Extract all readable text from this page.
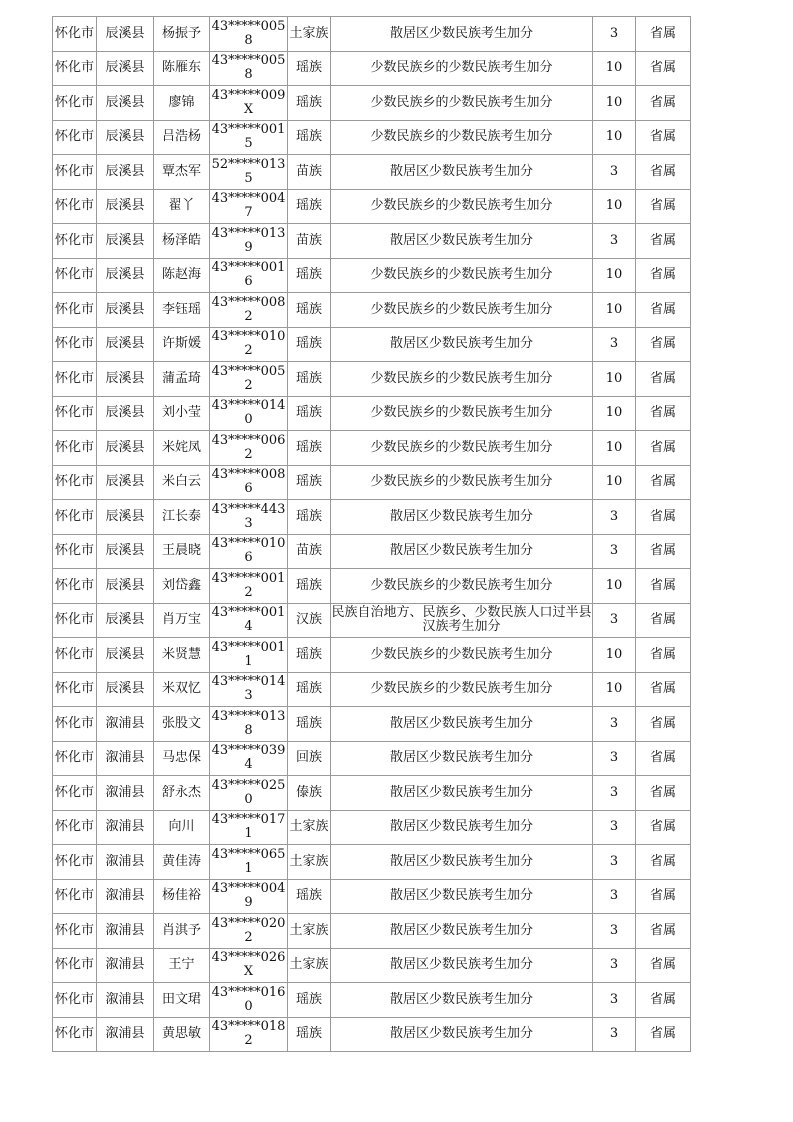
怀化市	辰溪县	杨振予	43*****0058	土家族	散居区少数民族考生加分	3	省属
怀化市	辰溪县	陈雁东	43*****0058	瑶族	少数民族乡的少数民族考生加分	10	省属
怀化市	辰溪县	廖锦	43*****009X	瑶族	少数民族乡的少数民族考生加分	10	省属
怀化市	辰溪县	吕浩杨	43*****0015	瑶族	少数民族乡的少数民族考生加分	10	省属
怀化市	辰溪县	覃杰军	52*****0135	苗族	散居区少数民族考生加分	3	省属
怀化市	辰溪县	翟丫	43*****0047	瑶族	少数民族乡的少数民族考生加分	10	省属
怀化市	辰溪县	杨泽皓	43*****0139	苗族	散居区少数民族考生加分	3	省属
怀化市	辰溪县	陈赵海	43*****0016	瑶族	少数民族乡的少数民族考生加分	10	省属
怀化市	辰溪县	李钰瑶	43*****0082	瑶族	少数民族乡的少数民族考生加分	10	省属
怀化市	辰溪县	许斯媛	43*****0102	瑶族	散居区少数民族考生加分	3	省属
怀化市	辰溪县	蒲孟琦	43*****0052	瑶族	少数民族乡的少数民族考生加分	10	省属
怀化市	辰溪县	刘小莹	43*****0140	瑶族	少数民族乡的少数民族考生加分	10	省属
怀化市	辰溪县	米姹凤	43*****0062	瑶族	少数民族乡的少数民族考生加分	10	省属
怀化市	辰溪县	米白云	43*****0086	瑶族	少数民族乡的少数民族考生加分	10	省属
怀化市	辰溪县	江长泰	43*****4433	瑶族	散居区少数民族考生加分	3	省属
怀化市	辰溪县	王晨晓	43*****0106	苗族	散居区少数民族考生加分	3	省属
怀化市	辰溪县	刘岱鑫	43*****0012	瑶族	少数民族乡的少数民族考生加分	10	省属
怀化市	辰溪县	肖万宝	43*****0014	汉族	民族自治地方、民族乡、少数民族人口过半县汉族考生加分	3	省属
怀化市	辰溪县	米贤慧	43*****0011	瑶族	少数民族乡的少数民族考生加分	10	省属
怀化市	辰溪县	米双忆	43*****0143	瑶族	少数民族乡的少数民族考生加分	10	省属
怀化市	溆浦县	张股文	43*****0138	瑶族	散居区少数民族考生加分	3	省属
怀化市	溆浦县	马忠保	43*****0394	回族	散居区少数民族考生加分	3	省属
怀化市	溆浦县	舒永杰	43*****0250	傣族	散居区少数民族考生加分	3	省属
怀化市	溆浦县	向川	43*****0171	土家族	散居区少数民族考生加分	3	省属
怀化市	溆浦县	黄佳涛	43*****0651	土家族	散居区少数民族考生加分	3	省属
怀化市	溆浦县	杨佳裕	43*****0049	瑶族	散居区少数民族考生加分	3	省属
怀化市	溆浦县	肖淇予	43*****0202	土家族	散居区少数民族考生加分	3	省属
怀化市	溆浦县	王宁	43*****026X	土家族	散居区少数民族考生加分	3	省属
怀化市	溆浦县	田文珺	43*****0160	瑶族	散居区少数民族考生加分	3	省属
怀化市	溆浦县	黄思敏	43*****0182	瑶族	散居区少数民族考生加分	3	省属
